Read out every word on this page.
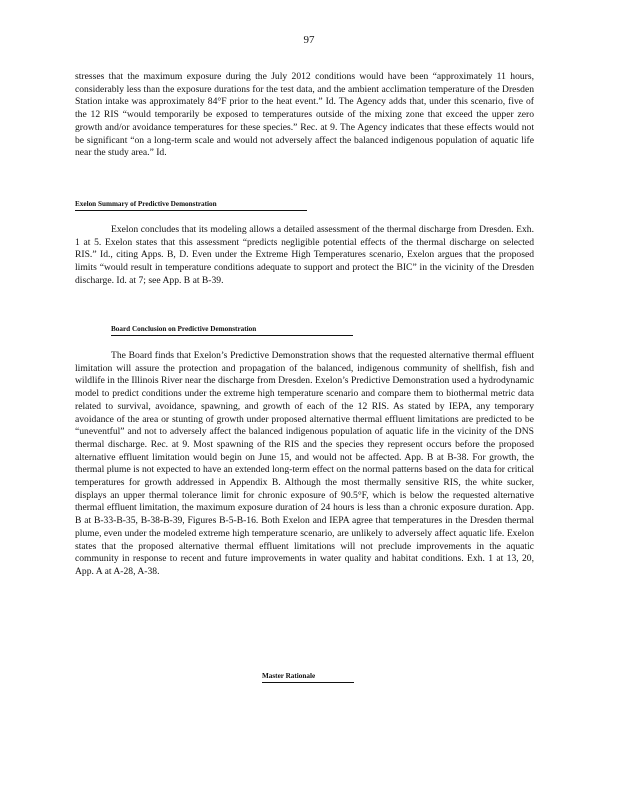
97

stresses that the maximum exposure during the July 2012 conditions would have been “approximately 11 hours, considerably less than the exposure durations for the test data, and the ambient acclimation temperature of the Dresden Station intake was approximately 84°F prior to the heat event.” Id. The Agency adds that, under this scenario, five of the 12 RIS “would temporarily be exposed to temperatures outside of the mixing zone that exceed the upper zero growth and/or avoidance temperatures for these species.” Rec. at 9. The Agency indicates that these effects would not be significant “on a long-term scale and would not adversely affect the balanced indigenous population of aquatic life near the study area.” Id.

Exelon Summary of Predictive Demonstration

Exelon concludes that its modeling allows a detailed assessment of the thermal discharge from Dresden. Exh. 1 at 5. Exelon states that this assessment “predicts negligible potential effects of the thermal discharge on selected RIS.” Id., citing Apps. B, D. Even under the Extreme High Temperatures scenario, Exelon argues that the proposed limits “would result in temperature conditions adequate to support and protect the BIC” in the vicinity of the Dresden discharge. Id. at 7; see App. B at B-39.

Board Conclusion on Predictive Demonstration

The Board finds that Exelon’s Predictive Demonstration shows that the requested alternative thermal effluent limitation will assure the protection and propagation of the balanced, indigenous community of shellfish, fish and wildlife in the Illinois River near the discharge from Dresden. Exelon’s Predictive Demonstration used a hydrodynamic model to predict conditions under the extreme high temperature scenario and compare them to biothermal metric data related to survival, avoidance, spawning, and growth of each of the 12 RIS. As stated by IEPA, any temporary avoidance of the area or stunting of growth under proposed alternative thermal effluent limitations are predicted to be “uneventful” and not to adversely affect the balanced indigenous population of aquatic life in the vicinity of the DNS thermal discharge. Rec. at 9. Most spawning of the RIS and the species they represent occurs before the proposed alternative effluent limitation would begin on June 15, and would not be affected. App. B at B-38. For growth, the thermal plume is not expected to have an extended long-term effect on the normal patterns based on the data for critical temperatures for growth addressed in Appendix B. Although the most thermally sensitive RIS, the white sucker, displays an upper thermal tolerance limit for chronic exposure of 90.5°F, which is below the requested alternative thermal effluent limitation, the maximum exposure duration of 24 hours is less than a chronic exposure duration. App. B at B-33-B-35, B-38-B-39, Figures B-5-B-16. Both Exelon and IEPA agree that temperatures in the Dresden thermal plume, even under the modeled extreme high temperature scenario, are unlikely to adversely affect aquatic life. Exelon states that the proposed alternative thermal effluent limitations will not preclude improvements in the aquatic community in response to recent and future improvements in water quality and habitat conditions. Exh. 1 at 13, 20, App. A at A-28, A-38.

Master Rationale
